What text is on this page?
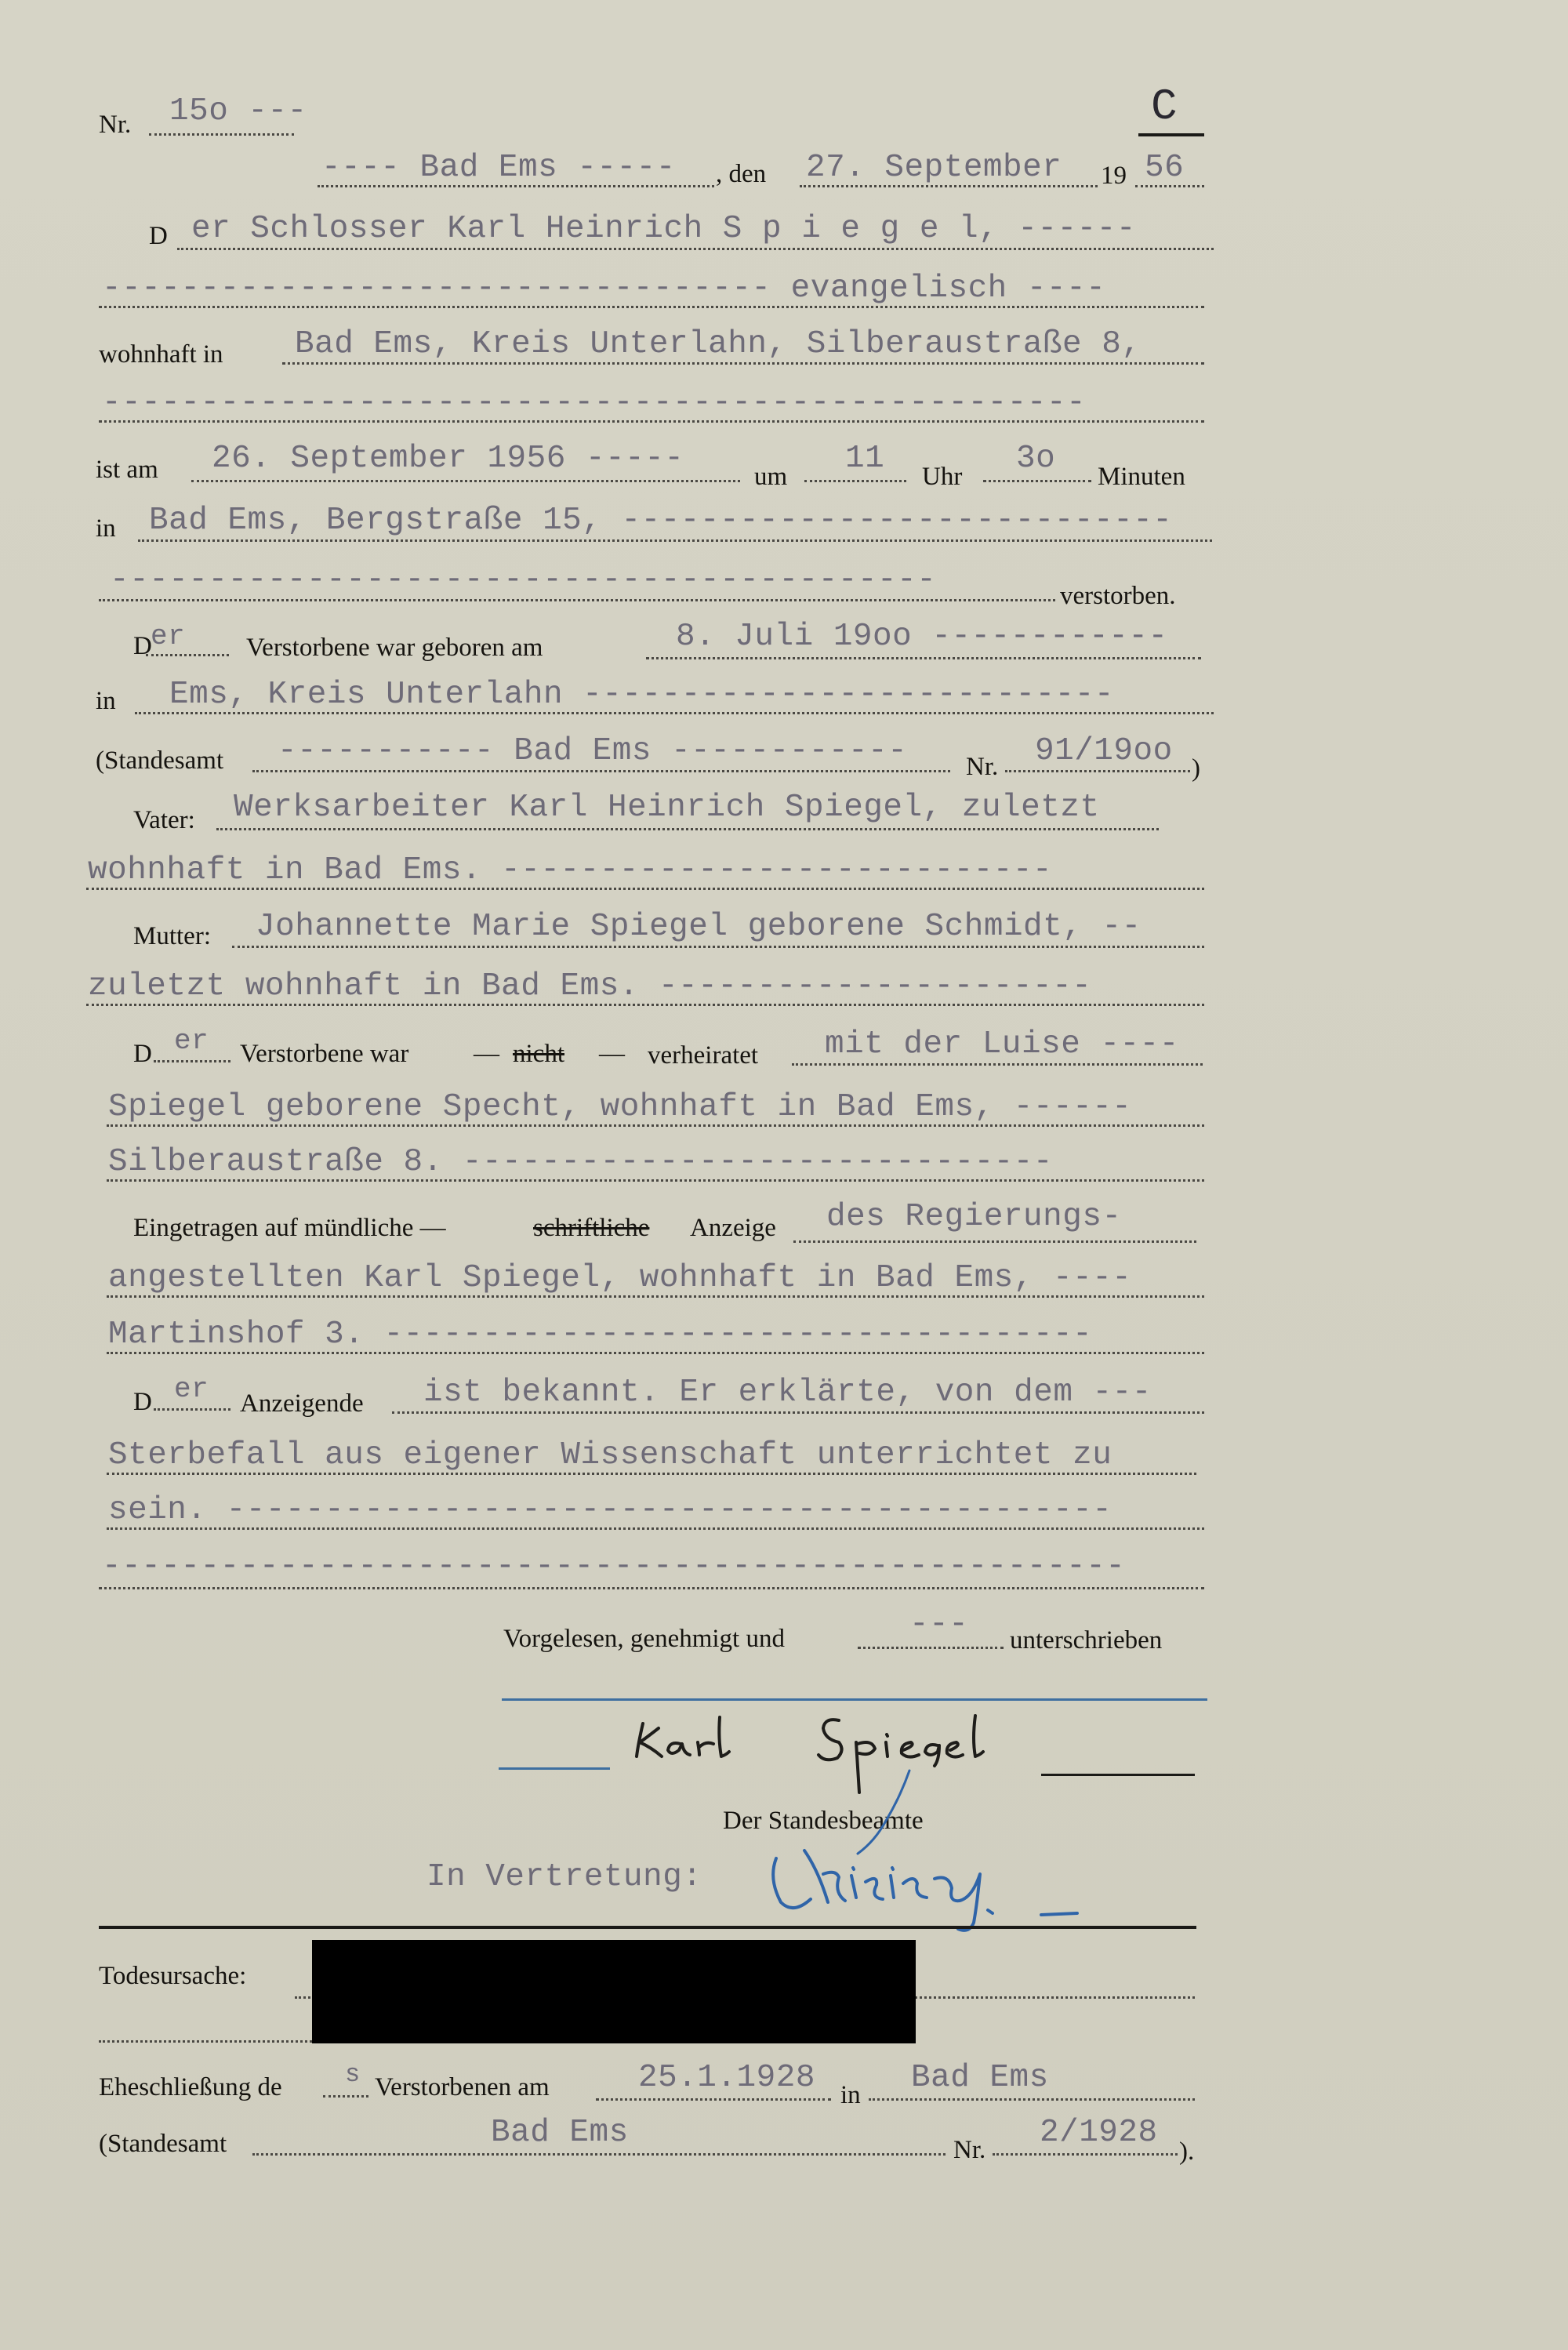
Nr. 15o ---	C
---- Bad Ems ----- , den 27. September 19 56
D er Schlosser Karl Heinrich S p i e g e l, ------
---------------------------------- evangelisch ----
wohnhaft in Bad Ems, Kreis Unterlahn, Silberaustraße 8,
--------------------------------------------------
ist am 26. September 1956 -----	um 11 Uhr 3o Minuten
in Bad Ems, Bergstraße 15, ----------------------------
------------------------------------------	verstorben.
D
er Verstorbene war geboren am	8. Juli 19oo ------------
in Ems, Kreis Unterlahn ---------------------------
(Standesamt ----------- Bad Ems ------------ Nr. 91/19oo )
Vater: Werksarbeiter Karl Heinrich Spiegel, zuletzt
wohnhaft in Bad Ems. ----------------------------
Mutter: Johannette Marie Spiegel geborene Schmidt, --
zuletzt wohnhaft in Bad Ems. ----------------------
D er Verstorbene war	— nicht — verheiratet mit der Luise ----
Spiegel geborene Specht, wohnhaft in Bad Ems, ------
Silberaustraße 8. ------------------------------
Eingetragen auf mündliche —	schriftliche Anzeige des Regierungs-
angestellten Karl Spiegel, wohnhaft in Bad Ems, ----
Martinshof 3. ------------------------------------
D er Anzeigende ist bekannt. Er erklärte, von dem ---
Sterbefall aus eigener Wissenschaft unterrichtet zu
sein. ---------------------------------------------
----------------------------------------------------
Vorgelesen, genehmigt und	--- unterschrieben
Der Standesbeamte
In Vertretung:
Todesursache:
Eheschließung de	s Verstorbenen am	25.1.1928 in Bad Ems
(Standesamt	Bad Ems	Nr. 2/1928
).
